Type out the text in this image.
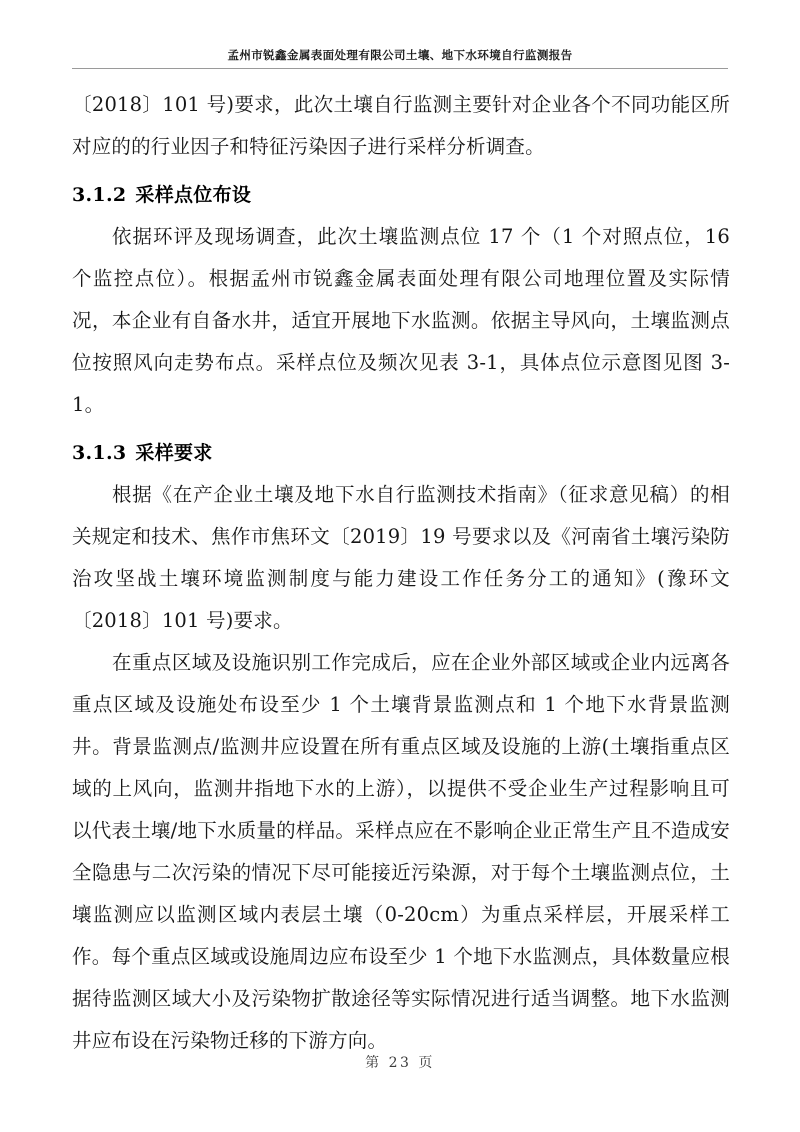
孟州市锐鑫金属表面处理有限公司土壤、地下水环境自行监测报告

〔2018〕101 号)要求，此次土壤自行监测主要针对企业各个不同功能区所对应的的行业因子和特征污染因子进行采样分析调查。

3.1.2 采样点位布设

依据环评及现场调查，此次土壤监测点位 17 个（1 个对照点位，16 个监控点位）。根据孟州市锐鑫金属表面处理有限公司地理位置及实际情况，本企业有自备水井，适宜开展地下水监测。依据主导风向，土壤监测点位按照风向走势布点。采样点位及频次见表 3-1，具体点位示意图见图 3-1。

3.1.3 采样要求

根据《在产企业土壤及地下水自行监测技术指南》（征求意见稿）的相关规定和技术、焦作市焦环文〔2019〕19 号要求以及《河南省土壤污染防治攻坚战土壤环境监测制度与能力建设工作任务分工的通知》(豫环文〔2018〕101 号)要求。

在重点区域及设施识别工作完成后，应在企业外部区域或企业内远离各重点区域及设施处布设至少 1 个土壤背景监测点和 1 个地下水背景监测井。背景监测点/监测井应设置在所有重点区域及设施的上游(土壤指重点区域的上风向，监测井指地下水的上游），以提供不受企业生产过程影响且可以代表土壤/地下水质量的样品。采样点应在不影响企业正常生产且不造成安全隐患与二次污染的情况下尽可能接近污染源，对于每个土壤监测点位，土壤监测应以监测区域内表层土壤（0-20cm）为重点采样层，开展采样工作。每个重点区域或设施周边应布设至少 1 个地下水监测点，具体数量应根据待监测区域大小及污染物扩散途径等实际情况进行适当调整。地下水监测井应布设在污染物迁移的下游方向。

第 23 页
